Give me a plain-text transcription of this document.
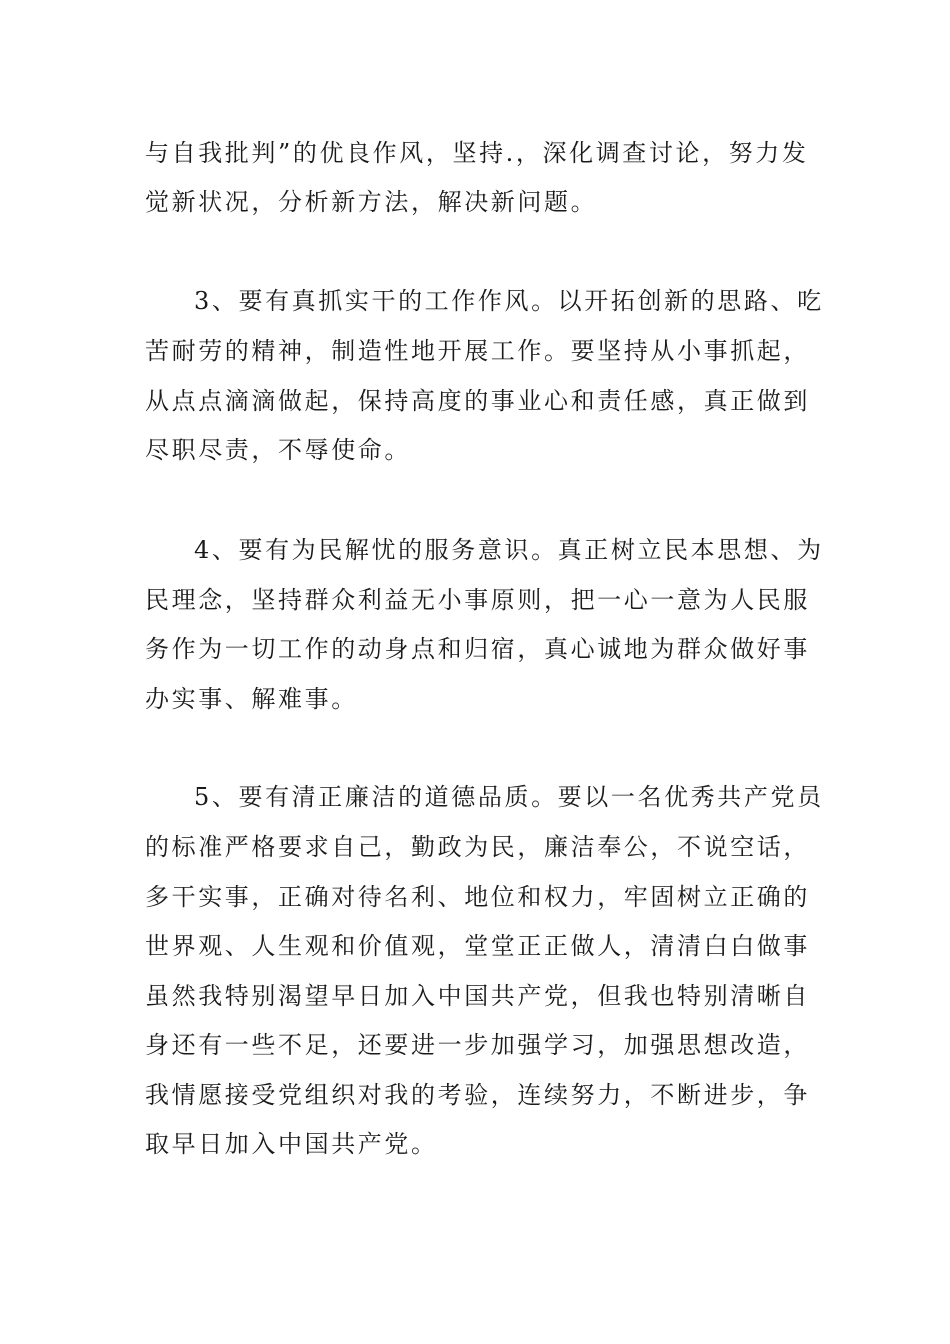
与自我批判”的优良作风，坚持.，深化调查讨论，努力发

觉新状况，分析新方法，解决新问题。

3、要有真抓实干的工作作风。以开拓创新的思路、吃

苦耐劳的精神，制造性地开展工作。要坚持从小事抓起，

从点点滴滴做起，保持高度的事业心和责任感，真正做到

尽职尽责，不辱使命。

4、要有为民解忧的服务意识。真正树立民本思想、为

民理念，坚持群众利益无小事原则，把一心一意为人民服

务作为一切工作的动身点和归宿，真心诚地为群众做好事

办实事、解难事。

5、要有清正廉洁的道德品质。要以一名优秀共产党员

的标准严格要求自己，勤政为民，廉洁奉公，不说空话，

多干实事，正确对待名利、地位和权力，牢固树立正确的

世界观、人生观和价值观，堂堂正正做人，清清白白做事

虽然我特别渴望早日加入中国共产党，但我也特别清晰自

身还有一些不足，还要进一步加强学习，加强思想改造，

我情愿接受党组织对我的考验，连续努力，不断进步，争

取早日加入中国共产党。
